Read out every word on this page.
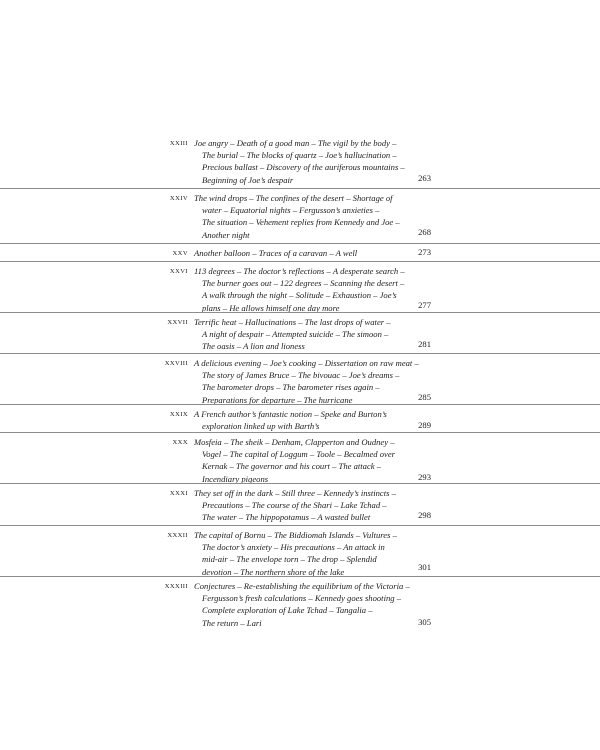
XXIII Joe angry – Death of a good man – The vigil by the body –
The burial – The blocks of quartz – Joe’s hallucination –
Precious ballast – Discovery of the auriferous mountains –
Beginning of Joe’s despair	263
XXIV The wind drops – The confines of the desert – Shortage of
water – Equatorial nights – Fergusson’s anxieties –
The situation – Vehement replies from Kennedy and Joe –
Another night	268
XXV Another balloon – Traces of a caravan – A well	273
XXVI 113 degrees – The doctor’s reflections – A desperate search –
The burner goes out – 122 degrees – Scanning the desert –
A walk through the night – Solitude – Exhaustion – Joe’s
plans – He allows himself one day more	277
XXVII Terrific heat – Hallucinations – The last drops of water –
A night of despair – Attempted suicide – The simoon –
The oasis – A lion and lioness	281
XXVIII A delicious evening – Joe’s cooking – Dissertation on raw meat –
The story of James Bruce – The bivouac – Joe’s dreams –
The barometer drops – The barometer rises again –
Preparations for departure – The hurricane	285
XXIX A French author’s fantastic notion – Speke and Burton’s
exploration linked up with Barth’s	289
XXX Mosfeia – The sheik – Denham, Clapperton and Oudney –
Vogel – The capital of Loggum – Toole – Becalmed over
Kernak – The governor and his court – The attack –
Incendiary pigeons	293
XXXI They set off in the dark – Still three – Kennedy’s instincts –
Precautions – The course of the Shari – Lake Tchad –
The water – The hippopotamus – A wasted bullet	298
XXXII The capital of Bornu – The Biddiomah Islands – Vultures –
The doctor’s anxiety – His precautions – An attack in
mid-air – The envelope torn – The drop – Splendid
devotion – The northern shore of the lake	301
XXXIII Conjectures – Re-establishing the equilibrium of the Victoria –
Fergusson’s fresh calculations – Kennedy goes shooting –
Complete exploration of Lake Tchad – Tangalia –
The return – Lari	305
